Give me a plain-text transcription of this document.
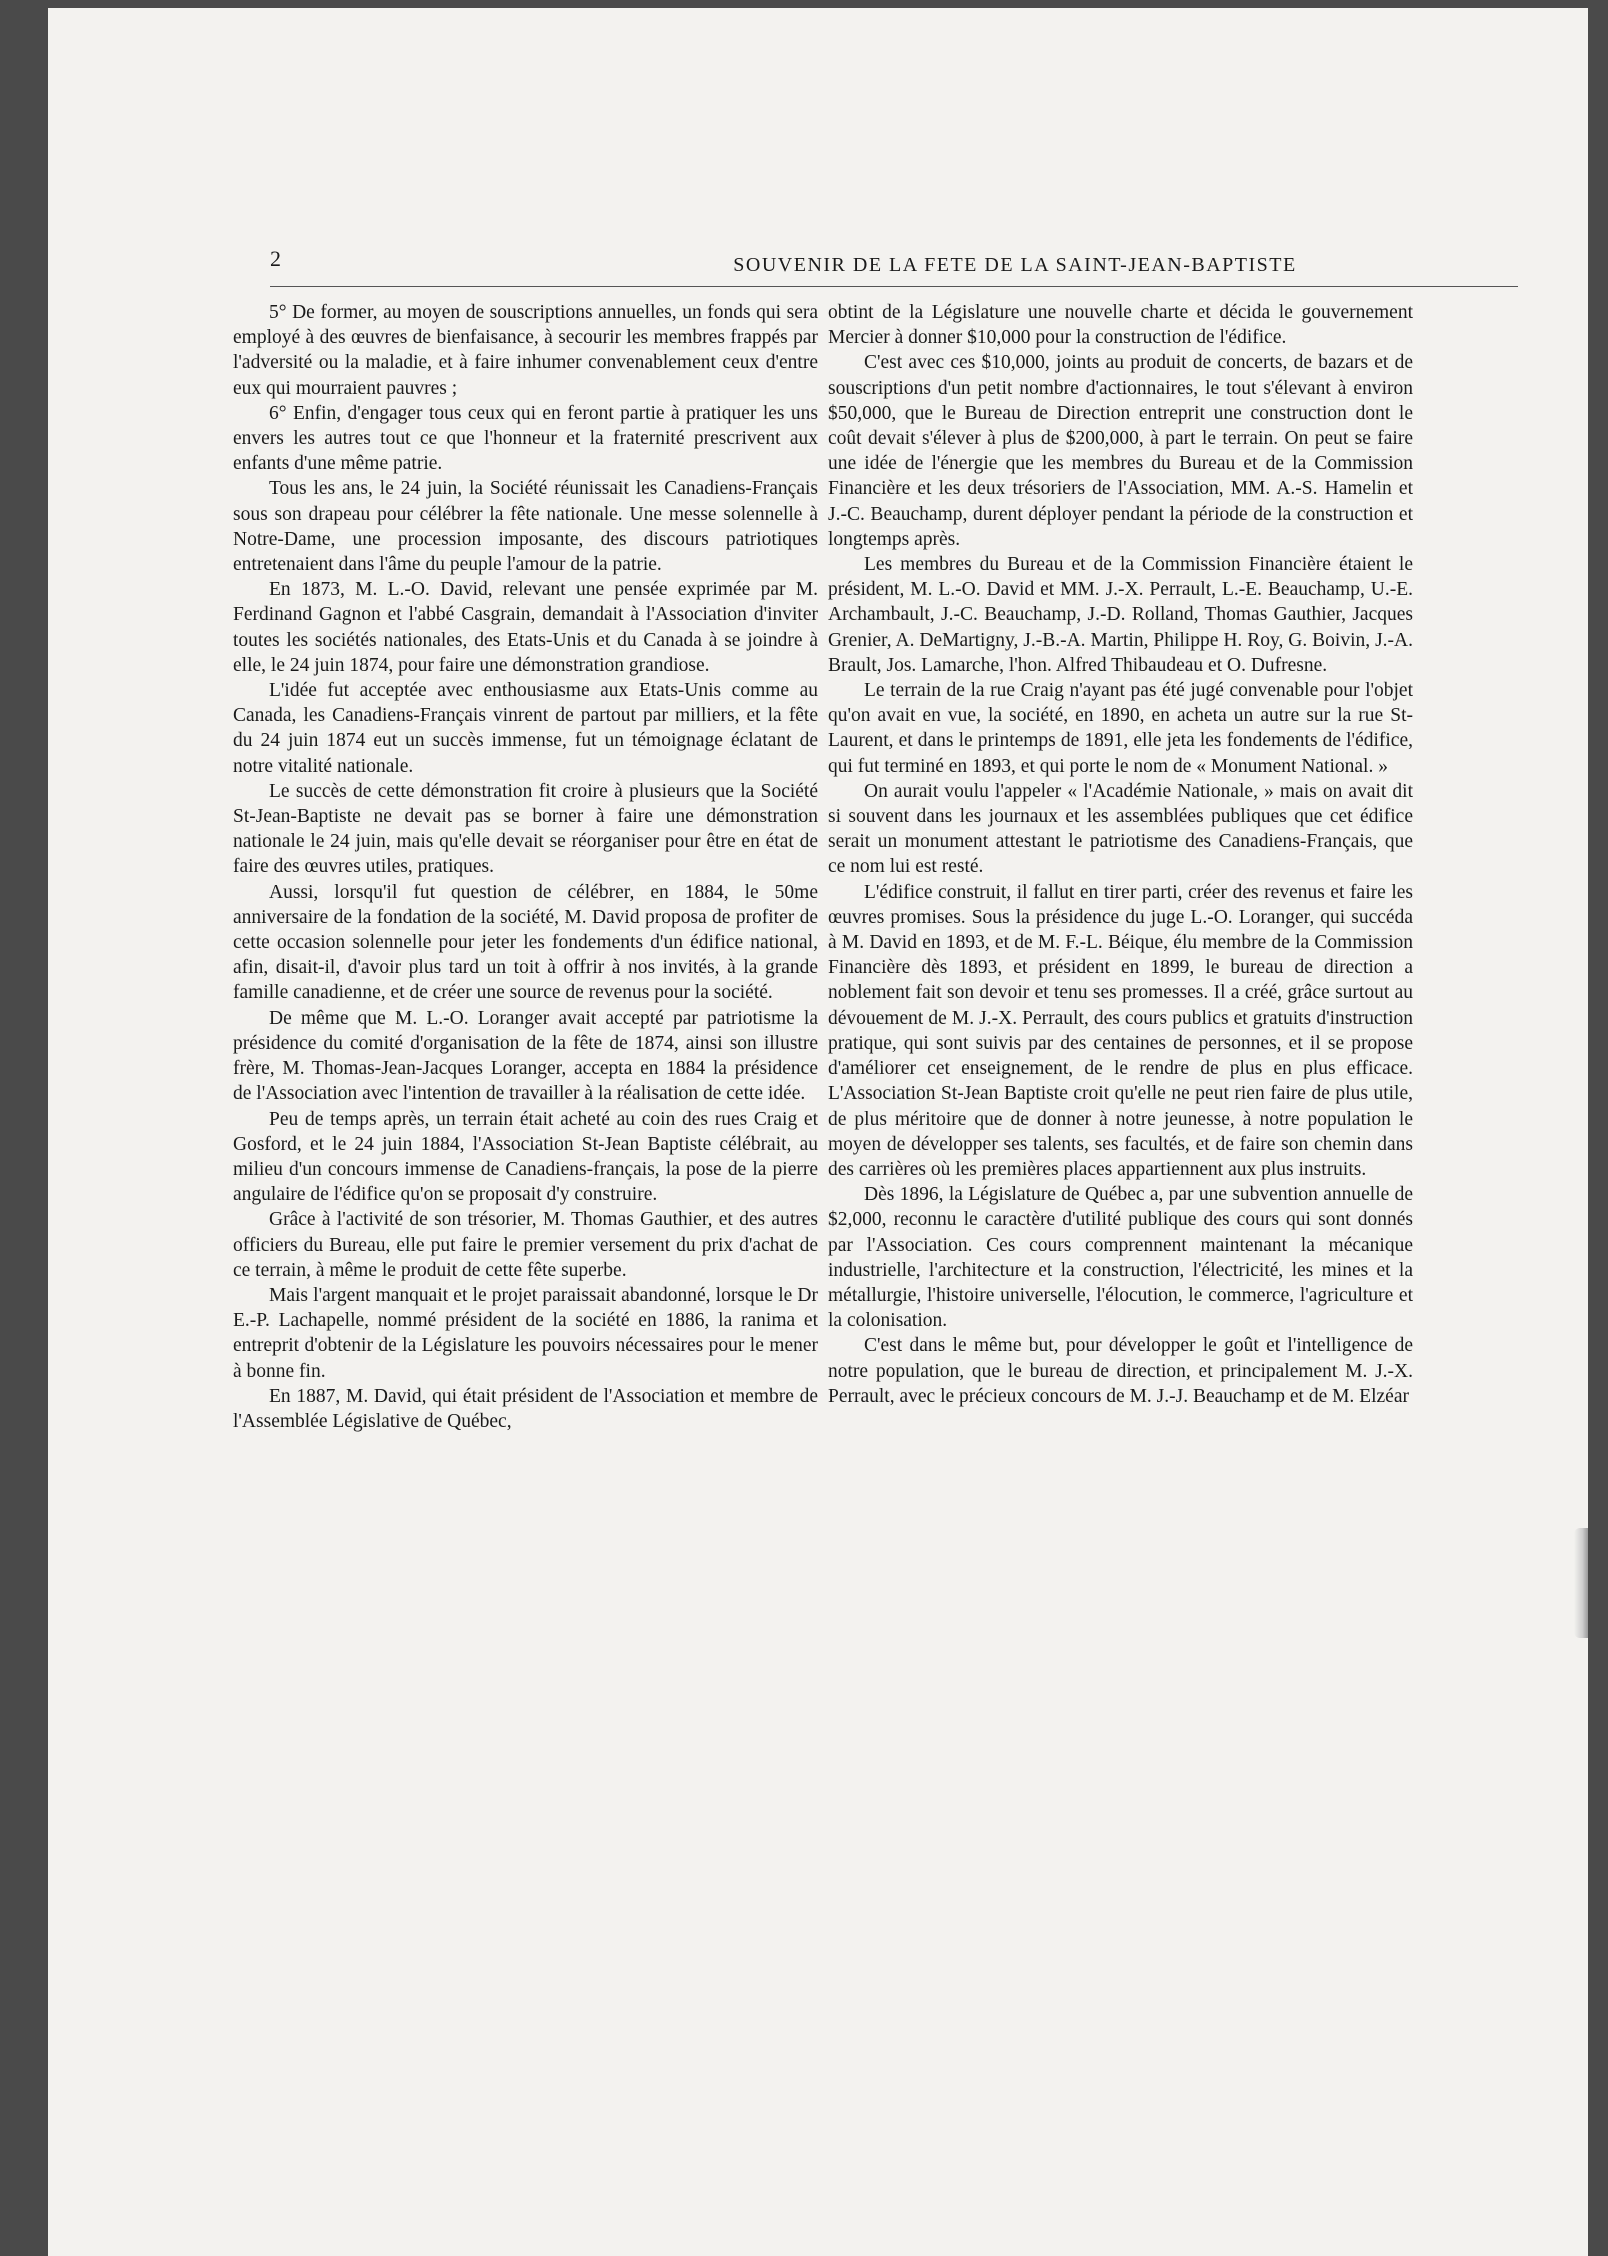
2	SOUVENIR DE LA FETE DE LA SAINT-JEAN-BAPTISTE

5° De former, au moyen de souscriptions annuelles, un fonds qui sera employé à des œuvres de bienfaisance, à secourir les membres frappés par l'adversité ou la maladie, et à faire inhumer convenablement ceux d'entre eux qui mourraient pauvres ;

6° Enfin, d'engager tous ceux qui en feront partie à pratiquer les uns envers les autres tout ce que l'honneur et la fraternité prescrivent aux enfants d'une même patrie.

Tous les ans, le 24 juin, la Société réunissait les Canadiens-Français sous son drapeau pour célébrer la fête nationale. Une messe solennelle à Notre-Dame, une procession imposante, des discours patriotiques entretenaient dans l'âme du peuple l'amour de la patrie.

En 1873, M. L.-O. David, relevant une pensée exprimée par M. Ferdinand Gagnon et l'abbé Casgrain, demandait à l'Association d'inviter toutes les sociétés nationales, des Etats-Unis et du Canada à se joindre à elle, le 24 juin 1874, pour faire une démonstration grandiose.

L'idée fut acceptée avec enthousiasme aux Etats-Unis comme au Canada, les Canadiens-Français vinrent de partout par milliers, et la fête du 24 juin 1874 eut un succès immense, fut un témoignage éclatant de notre vitalité nationale.

Le succès de cette démonstration fit croire à plusieurs que la Société St-Jean-Baptiste ne devait pas se borner à faire une démonstration nationale le 24 juin, mais qu'elle devait se réorganiser pour être en état de faire des œuvres utiles, pratiques.

Aussi, lorsqu'il fut question de célébrer, en 1884, le 50me anniversaire de la fondation de la société, M. David proposa de profiter de cette occasion solennelle pour jeter les fondements d'un édifice national, afin, disait-il, d'avoir plus tard un toit à offrir à nos invités, à la grande famille canadienne, et de créer une source de revenus pour la société.

De même que M. L.-O. Loranger avait accepté par patriotisme la présidence du comité d'organisation de la fête de 1874, ainsi son illustre frère, M. Thomas-Jean-Jacques Loranger, accepta en 1884 la présidence de l'Association avec l'intention de travailler à la réalisation de cette idée.

Peu de temps après, un terrain était acheté au coin des rues Craig et Gosford, et le 24 juin 1884, l'Association St-Jean Baptiste célébrait, au milieu d'un concours immense de Canadiens-français, la pose de la pierre angulaire de l'édifice qu'on se proposait d'y construire.

Grâce à l'activité de son trésorier, M. Thomas Gauthier, et des autres officiers du Bureau, elle put faire le premier versement du prix d'achat de ce terrain, à même le produit de cette fête superbe.

Mais l'argent manquait et le projet paraissait abandonné, lorsque le Dr E.-P. Lachapelle, nommé président de la société en 1886, la ranima et entreprit d'obtenir de la Législature les pouvoirs nécessaires pour le mener à bonne fin.

En 1887, M. David, qui était président de l'Association et membre de l'Assemblée Législative de Québec,

obtint de la Législature une nouvelle charte et décida le gouvernement Mercier à donner $10,000 pour la construction de l'édifice.

C'est avec ces $10,000, joints au produit de concerts, de bazars et de souscriptions d'un petit nombre d'actionnaires, le tout s'élevant à environ $50,000, que le Bureau de Direction entreprit une construction dont le coût devait s'élever à plus de $200,000, à part le terrain. On peut se faire une idée de l'énergie que les membres du Bureau et de la Commission Financière et les deux trésoriers de l'Association, MM. A.-S. Hamelin et J.-C. Beauchamp, durent déployer pendant la période de la construction et longtemps après.

Les membres du Bureau et de la Commission Financière étaient le président, M. L.-O. David et MM. J.-X. Perrault, L.-E. Beauchamp, U.-E. Archambault, J.-C. Beauchamp, J.-D. Rolland, Thomas Gauthier, Jacques Grenier, A. DeMartigny, J.-B.-A. Martin, Philippe H. Roy, G. Boivin, J.-A. Brault, Jos. Lamarche, l'hon. Alfred Thibaudeau et O. Dufresne.

Le terrain de la rue Craig n'ayant pas été jugé convenable pour l'objet qu'on avait en vue, la société, en 1890, en acheta un autre sur la rue St-Laurent, et dans le printemps de 1891, elle jeta les fondements de l'édifice, qui fut terminé en 1893, et qui porte le nom de « Monument National. »

On aurait voulu l'appeler « l'Académie Nationale, » mais on avait dit si souvent dans les journaux et les assemblées publiques que cet édifice serait un monument attestant le patriotisme des Canadiens-Français, que ce nom lui est resté.

L'édifice construit, il fallut en tirer parti, créer des revenus et faire les œuvres promises. Sous la présidence du juge L.-O. Loranger, qui succéda à M. David en 1893, et de M. F.-L. Béique, élu membre de la Commission Financière dès 1893, et président en 1899, le bureau de direction a noblement fait son devoir et tenu ses promesses. Il a créé, grâce surtout au dévouement de M. J.-X. Perrault, des cours publics et gratuits d'instruction pratique, qui sont suivis par des centaines de personnes, et il se propose d'améliorer cet enseignement, de le rendre de plus en plus efficace. L'Association St-Jean Baptiste croit qu'elle ne peut rien faire de plus utile, de plus méritoire que de donner à notre jeunesse, à notre population le moyen de développer ses talents, ses facultés, et de faire son chemin dans des carrières où les premières places appartiennent aux plus instruits.

Dès 1896, la Législature de Québec a, par une subvention annuelle de $2,000, reconnu le caractère d'utilité publique des cours qui sont donnés par l'Association. Ces cours comprennent maintenant la mécanique industrielle, l'architecture et la construction, l'électricité, les mines et la métallurgie, l'histoire universelle, l'élocution, le commerce, l'agriculture et la colonisation.

C'est dans le même but, pour développer le goût et l'intelligence de notre population, que le bureau de direction, et principalement M. J.-X. Perrault, avec le précieux concours de M. J.-J. Beauchamp et de M. Elzéar
